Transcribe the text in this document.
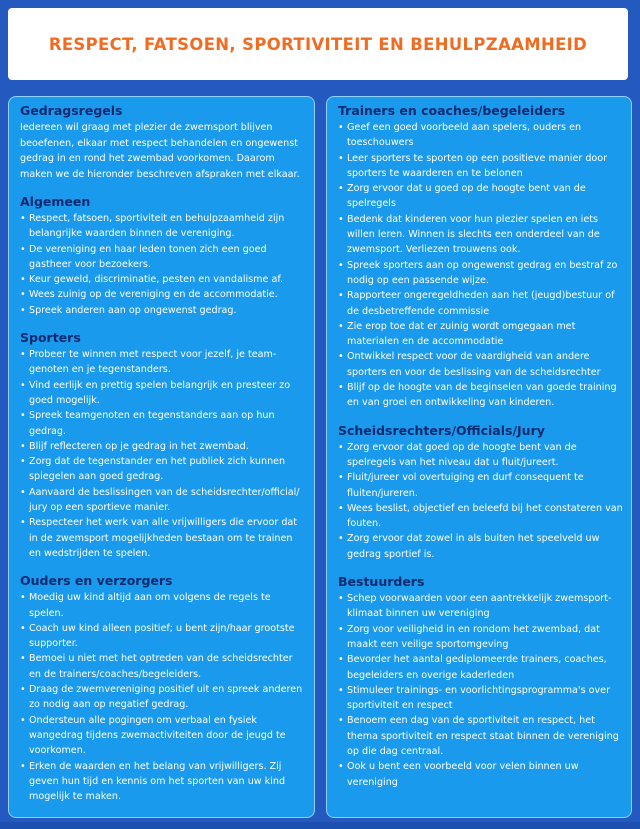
RESPECT, FATSOEN, SPORTIVITEIT EN BEHULPZAAMHEID
Gedragsregels

Iedereen wil graag met plezier de zwemsport blijven beoefenen, elkaar met respect behandelen en ongewenst gedrag in en rond het zwembad voorkomen. Daarom maken we de hieronder beschreven afspraken met elkaar.

Algemeen
• Respect, fatsoen, sportiviteit en behulpzaamheid zijn belangrijke waarden binnen de vereniging.
• De vereniging en haar leden tonen zich een goed gastheer voor bezoekers.
• Keur geweld, discriminatie, pesten en vandalisme af.
• Wees zuinig op de vereniging en de accommodatie.
• Spreek anderen aan op ongewenst gedrag.
Sporters
• Probeer te winnen met respect voor jezelf, je team-genoten en je tegenstanders.
• Vind eerlijk en prettig spelen belangrijk en presteer zo goed mogelijk.
• Spreek teamgenoten en tegenstanders aan op hun gedrag.
• Blijf reflecteren op je gedrag in het zwembad.
• Zorg dat de tegenstander en het publiek zich kunnen spiegelen aan goed gedrag.
• Aanvaard de beslissingen van de scheidsrechter/official/ jury op een sportieve manier.
• Respecteer het werk van alle vrijwilligers die ervoor dat in de zwemsport mogelijkheden bestaan om te trainen en wedstrijden te spelen.
Ouders en verzorgers
• Moedig uw kind altijd aan om volgens de regels te spelen.
• Coach uw kind alleen positief; u bent zijn/haar grootste supporter.
• Bemoei u niet met het optreden van de scheidsrechter en de trainers/coaches/begeleiders.
• Draag de zwemvereniging positief uit en spreek anderen zo nodig aan op negatief gedrag.
• Ondersteun alle pogingen om verbaal en fysiek wangedrag tijdens zwemactiviteiten door de jeugd te voorkomen.
• Erken de waarden en het belang van vrijwilligers. Zij geven hun tijd en kennis om het sporten van uw kind mogelijk te maken.
Trainers en coaches/begeleiders
• Geef een goed voorbeeld aan spelers, ouders en toeschouwers
• Leer sporters te sporten op een positieve manier door sporters te waarderen en te belonen
• Zorg ervoor dat u goed op de hoogte bent van de spelregels
• Bedenk dat kinderen voor hun plezier spelen en iets willen leren. Winnen is slechts een onderdeel van de zwemsport. Verliezen trouwens ook.
• Spreek sporters aan op ongewenst gedrag en bestraf zo nodig op een passende wijze.
• Rapporteer ongeregeldheden aan het (jeugd)bestuur of de desbetreffende commissie
• Zie erop toe dat er zuinig wordt omgegaan met materialen en de accommodatie
• Ontwikkel respect voor de vaardigheid van andere sporters en voor de beslissing van de scheidsrechter
• Blijf op de hoogte van de beginselen van goede training en van groei en ontwikkeling van kinderen.
Scheidsrechters/Officials/Jury
• Zorg ervoor dat goed op de hoogte bent van de spelregels van het niveau dat u fluit/jureert.
• Fluit/jureer vol overtuiging en durf consequent te fluiten/jureren.
• Wees beslist, objectief en beleefd bij het constateren van fouten.
• Zorg ervoor dat zowel in als buiten het speelveld uw gedrag sportief is.
Bestuurders
• Schep voorwaarden voor een aantrekkelijk zwemsport-klimaat binnen uw vereniging
• Zorg voor veiligheid in en rondom het zwembad, dat maakt een veilige sportomgeving
• Bevorder het aantal gediplomeerde trainers, coaches, begeleiders en overige kaderleden
• Stimuleer trainings- en voorlichtingsprogramma's over sportiviteit en respect
• Benoem een dag van de sportiviteit en respect, het thema sportiviteit en respect staat binnen de vereniging op die dag centraal.
• Ook u bent een voorbeeld voor velen binnen uw vereniging
